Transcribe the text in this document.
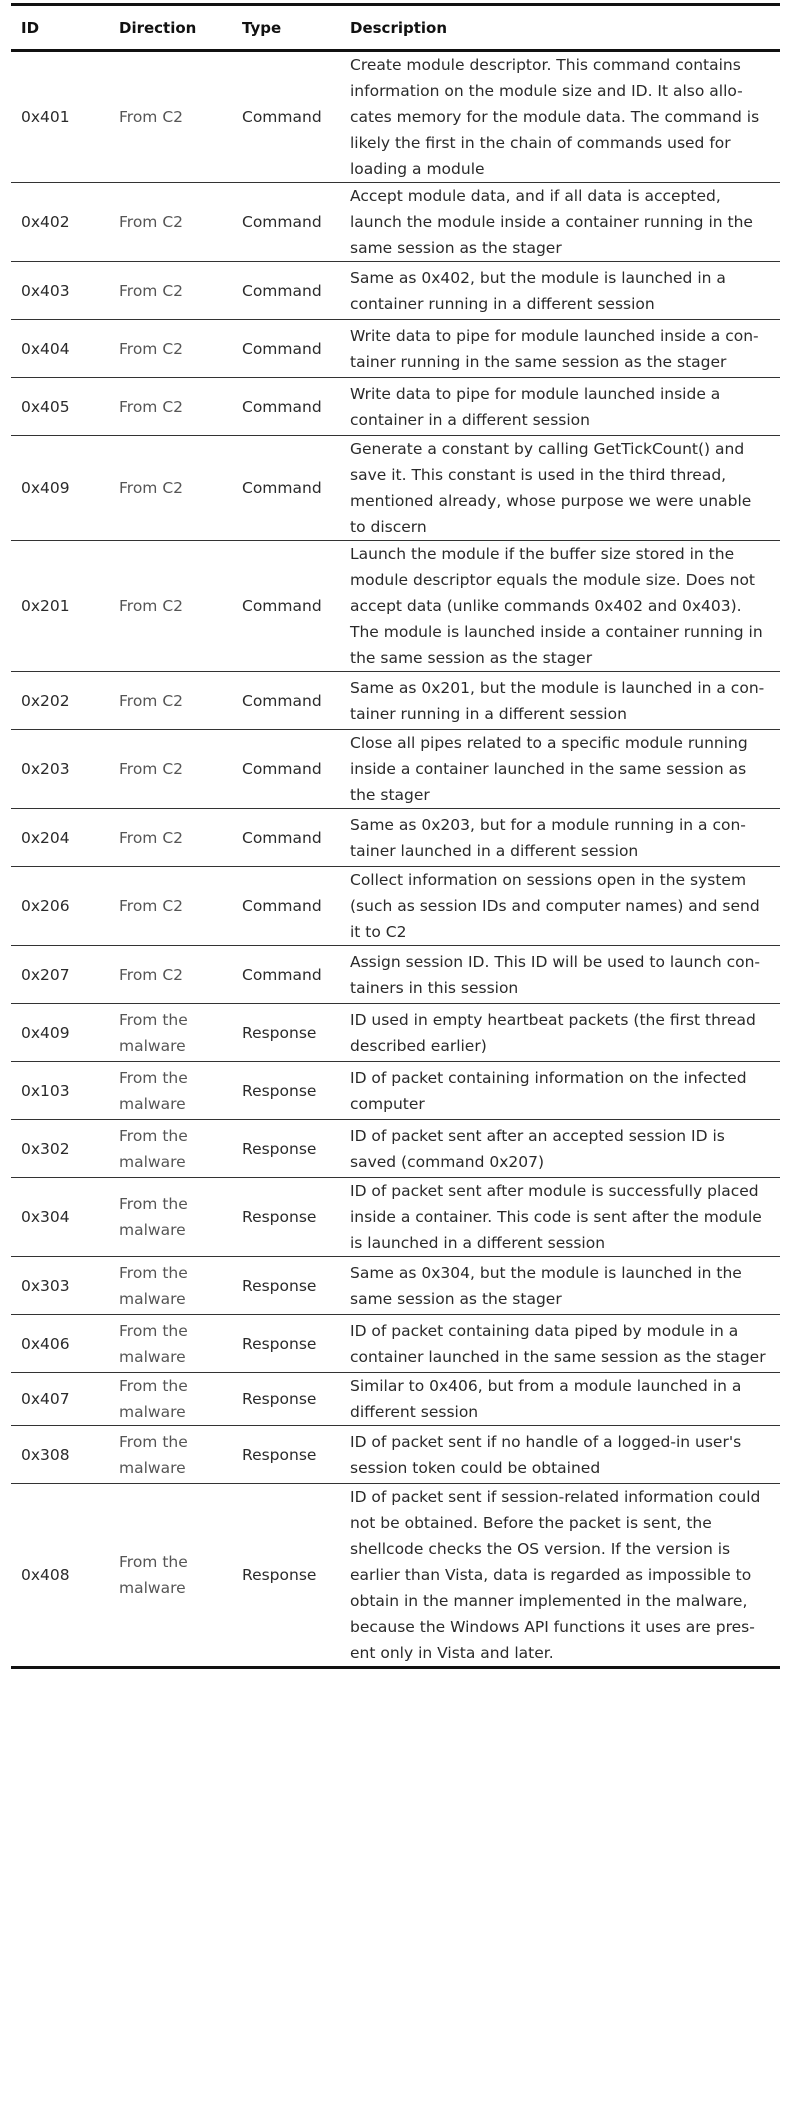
ID	Direction	Type	Description
0x401	From C2	Command	Create module descriptor. This command contains information on the module size and ID. It also allo-cates memory for the module data. The command is likely the first in the chain of commands used for loading a module
0x402	From C2	Command	Accept module data, and if all data is accepted, launch the module inside a container running in the same session as the stager
0x403	From C2	Command	Same as 0x402, but the module is launched in a container running in a different session
0x404	From C2	Command	Write data to pipe for module launched inside a con-tainer running in the same session as the stager
0x405	From C2	Command	Write data to pipe for module launched inside a container in a different session
0x409	From C2	Command	Generate a constant by calling GetTickCount() and save it. This constant is used in the third thread, mentioned already, whose purpose we were unable to discern
0x201	From C2	Command	Launch the module if the buffer size stored in the module descriptor equals the module size. Does not accept data (unlike commands 0x402 and 0x403). The module is launched inside a container running in the same session as the stager
0x202	From C2	Command	Same as 0x201, but the module is launched in a con-tainer running in a different session
0x203	From C2	Command	Close all pipes related to a specific module running inside a container launched in the same session as the stager
0x204	From C2	Command	Same as 0x203, but for a module running in a con-tainer launched in a different session
0x206	From C2	Command	Collect information on sessions open in the system (such as session IDs and computer names) and send it to C2
0x207	From C2	Command	Assign session ID. This ID will be used to launch con-tainers in this session
0x409	From the malware	Response	ID used in empty heartbeat packets (the first thread described earlier)
0x103	From the malware	Response	ID of packet containing information on the infected computer
0x302	From the malware	Response	ID of packet sent after an accepted session ID is saved (command 0x207)
0x304	From the malware	Response	ID of packet sent after module is successfully placed inside a container. This code is sent after the module is launched in a different session
0x303	From the malware	Response	Same as 0x304, but the module is launched in the same session as the stager
0x406	From the malware	Response	ID of packet containing data piped by module in a container launched in the same session as the stager
0x407	From the malware	Response	Similar to 0x406, but from a module launched in a different session
0x308	From the malware	Response	ID of packet sent if no handle of a logged-in user's session token could be obtained
0x408	From the malware	Response	ID of packet sent if session-related information could not be obtained. Before the packet is sent, the shellcode checks the OS version. If the version is earlier than Vista, data is regarded as impossible to obtain in the manner implemented in the malware, because the Windows API functions it uses are pres-ent only in Vista and later.
